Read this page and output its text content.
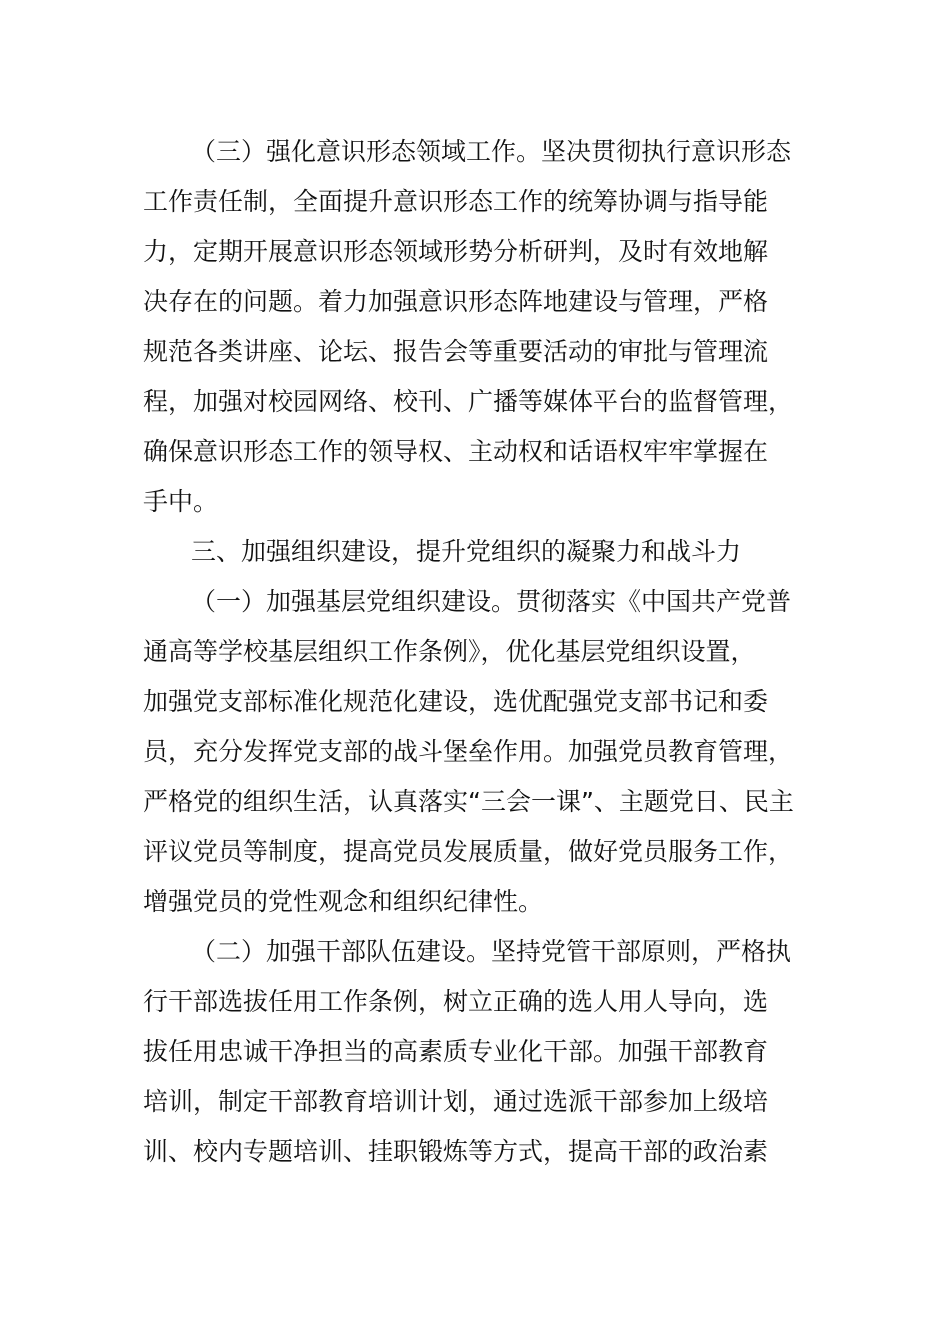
（三）强化意识形态领域工作。坚决贯彻执行意识形态
工作责任制，全面提升意识形态工作的统筹协调与指导能
力，定期开展意识形态领域形势分析研判，及时有效地解
决存在的问题。着力加强意识形态阵地建设与管理，严格
规范各类讲座、论坛、报告会等重要活动的审批与管理流
程，加强对校园网络、校刊、广播等媒体平台的监督管理，
确保意识形态工作的领导权、主动权和话语权牢牢掌握在
手中。
三、加强组织建设，提升党组织的凝聚力和战斗力
（一）加强基层党组织建设。贯彻落实《中国共产党普
通高等学校基层组织工作条例》，优化基层党组织设置，
加强党支部标准化规范化建设，选优配强党支部书记和委
员，充分发挥党支部的战斗堡垒作用。加强党员教育管理，
严格党的组织生活，认真落实“三会一课”、主题党日、民主
评议党员等制度，提高党员发展质量，做好党员服务工作，
增强党员的党性观念和组织纪律性。
（二）加强干部队伍建设。坚持党管干部原则，严格执
行干部选拔任用工作条例，树立正确的选人用人导向，选
拔任用忠诚干净担当的高素质专业化干部。加强干部教育
培训，制定干部教育培训计划，通过选派干部参加上级培
训、校内专题培训、挂职锻炼等方式，提高干部的政治素
